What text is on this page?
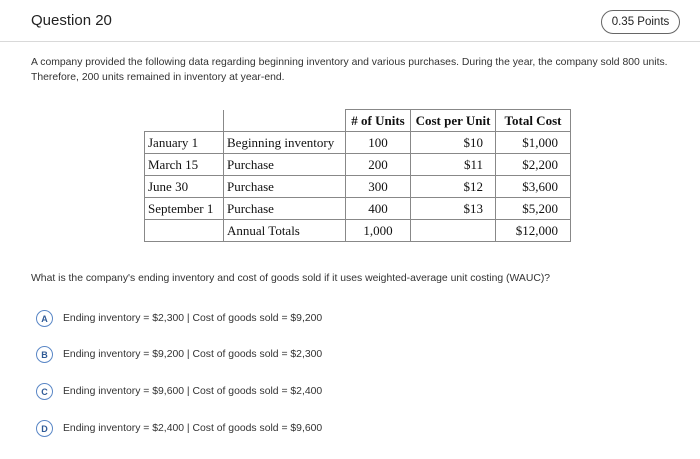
Question 20	0.35 Points
A company provided the following data regarding beginning inventory and various purchases. During the year, the company sold 800 units. Therefore, 200 units remained in inventory at year-end.
		# of Units	Cost per Unit	Total Cost
January 1	Beginning inventory	100	$10	$1,000
March 15	Purchase	200	$11	$2,200
June 30	Purchase	300	$12	$3,600
September 1	Purchase	400	$13	$5,200
	Annual Totals	1,000		$12,000
What is the company's ending inventory and cost of goods sold if it uses weighted-average unit costing (WAUC)?
A	Ending inventory = $2,300 | Cost of goods sold = $9,200
B	Ending inventory = $9,200 | Cost of goods sold = $2,300
C	Ending inventory = $9,600 | Cost of goods sold = $2,400
D	Ending inventory = $2,400 | Cost of goods sold = $9,600
